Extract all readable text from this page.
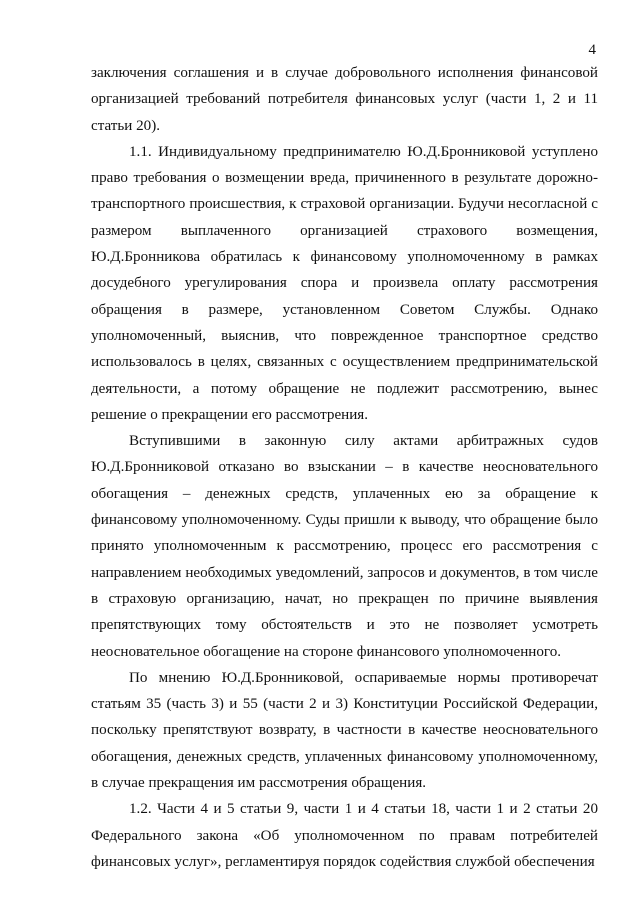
4

заключения соглашения и в случае добровольного исполнения финансовой организацией требований потребителя финансовых услуг (части 1, 2 и 11 статьи 20).

1.1. Индивидуальному предпринимателю Ю.Д.Бронниковой уступлено право требования о возмещении вреда, причиненного в результате дорожно-транспортного происшествия, к страховой организации. Будучи несогласной с размером выплаченного организацией страхового возмещения, Ю.Д.Бронникова обратилась к финансовому уполномоченному в рамках досудебного урегулирования спора и произвела оплату рассмотрения обращения в размере, установленном Советом Службы. Однако уполномоченный, выяснив, что поврежденное транспортное средство использовалось в целях, связанных с осуществлением предпринимательской деятельности, а потому обращение не подлежит рассмотрению, вынес решение о прекращении его рассмотрения.

Вступившими в законную силу актами арбитражных судов Ю.Д.Бронниковой отказано во взыскании – в качестве неосновательного обогащения – денежных средств, уплаченных ею за обращение к финансовому уполномоченному. Суды пришли к выводу, что обращение было принято уполномоченным к рассмотрению, процесс его рассмотрения с направлением необходимых уведомлений, запросов и документов, в том числе в страховую организацию, начат, но прекращен по причине выявления препятствующих тому обстоятельств и это не позволяет усмотреть неосновательное обогащение на стороне финансового уполномоченного.

По мнению Ю.Д.Бронниковой, оспариваемые нормы противоречат статьям 35 (часть 3) и 55 (части 2 и 3) Конституции Российской Федерации, поскольку препятствуют возврату, в частности в качестве неосновательного обогащения, денежных средств, уплаченных финансовому уполномоченному, в случае прекращения им рассмотрения обращения.

1.2. Части 4 и 5 статьи 9, части 1 и 4 статьи 18, части 1 и 2 статьи 20 Федерального закона «Об уполномоченном по правам потребителей финансовых услуг», регламентируя порядок содействия службой обеспечения
